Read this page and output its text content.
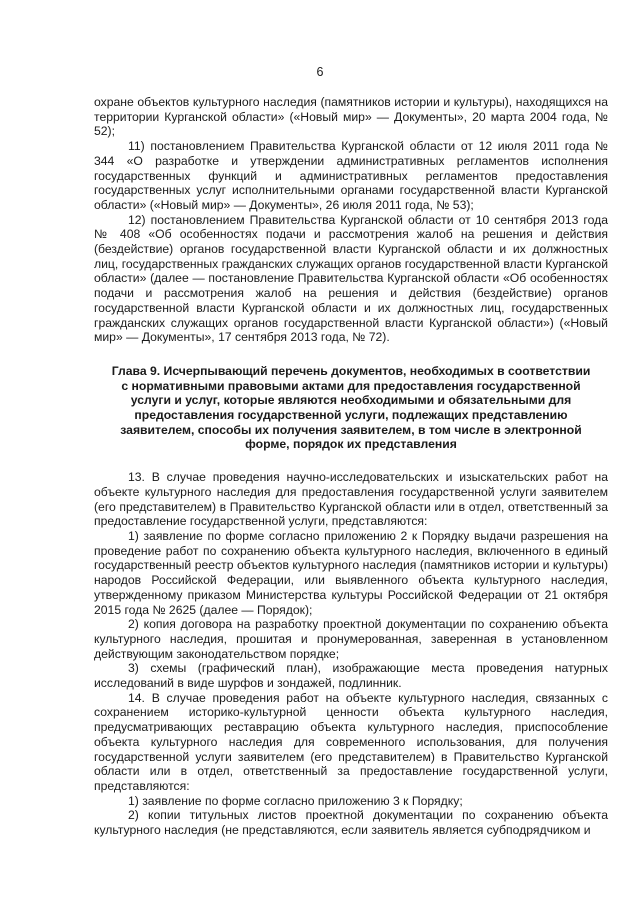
6

охране объектов культурного наследия (памятников истории и культуры), находящихся на территории Курганской области» («Новый мир» — Документы», 20 марта 2004 года, № 52);

11) постановлением Правительства Курганской области от 12 июля 2011 года № 344 «О разработке и утверждении административных регламентов исполнения государственных функций и административных регламентов предоставления государственных услуг исполнительными органами государственной власти Курганской области» («Новый мир» — Документы», 26 июля 2011 года, № 53);

12) постановлением Правительства Курганской области от 10 сентября 2013 года № 408 «Об особенностях подачи и рассмотрения жалоб на решения и действия (бездействие) органов государственной власти Курганской области и их должностных лиц, государственных гражданских служащих органов государственной власти Курганской области» (далее — постановление Правительства Курганской области «Об особенностях подачи и рассмотрения жалоб на решения и действия (бездействие) органов государственной власти Курганской области и их должностных лиц, государственных гражданских служащих органов государственной власти Курганской области») («Новый мир» — Документы», 17 сентября 2013 года, № 72).

Глава 9. Исчерпывающий перечень документов, необходимых в соответствии с нормативными правовыми актами для предоставления государственной услуги и услуг, которые являются необходимыми и обязательными для предоставления государственной услуги, подлежащих представлению заявителем, способы их получения заявителем, в том числе в электронной форме, порядок их представления

13. В случае проведения научно-исследовательских и изыскательских работ на объекте культурного наследия для предоставления государственной услуги заявителем (его представителем) в Правительство Курганской области или в отдел, ответственный за предоставление государственной услуги, представляются:

1) заявление по форме согласно приложению 2 к Порядку выдачи разрешения на проведение работ по сохранению объекта культурного наследия, включенного в единый государственный реестр объектов культурного наследия (памятников истории и культуры) народов Российской Федерации, или выявленного объекта культурного наследия, утвержденному приказом Министерства культуры Российской Федерации от 21 октября 2015 года № 2625 (далее — Порядок);

2) копия договора на разработку проектной документации по сохранению объекта культурного наследия, прошитая и пронумерованная, заверенная в установленном действующим законодательством порядке;

3) схемы (графический план), изображающие места проведения натурных исследований в виде шурфов и зондажей, подлинник.

14. В случае проведения работ на объекте культурного наследия, связанных с сохранением историко-культурной ценности объекта культурного наследия, предусматривающих реставрацию объекта культурного наследия, приспособление объекта культурного наследия для современного использования, для получения государственной услуги заявителем (его представителем) в Правительство Курганской области или в отдел, ответственный за предоставление государственной услуги, представляются:

1) заявление по форме согласно приложению 3 к Порядку;

2) копии титульных листов проектной документации по сохранению объекта культурного наследия (не представляются, если заявитель является субподрядчиком и
